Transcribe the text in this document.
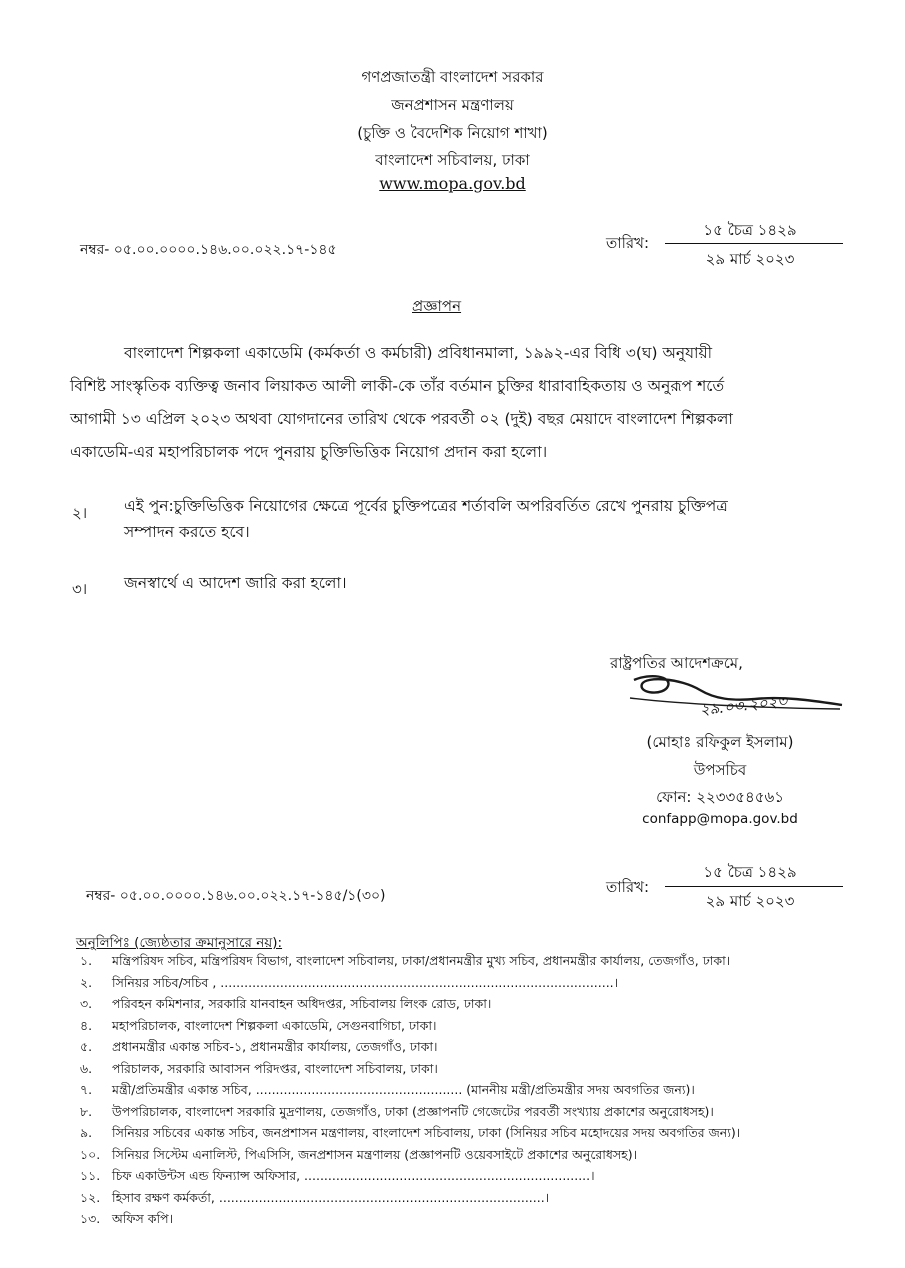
গণপ্রজাতন্ত্রী বাংলাদেশ সরকার
জনপ্রশাসন মন্ত্রণালয়
(চুক্তি ও বৈদেশিক নিয়োগ শাখা)
বাংলাদেশ সচিবালয়, ঢাকা
www.mopa.gov.bd
নম্বর- ০৫.০০.০০০০.১৪৬.০০.০২২.১৭-১৪৫	তারিখ:
১৫ চৈত্র ১৪২৯
২৯ মার্চ ২০২৩
প্রজ্ঞাপন
বাংলাদেশ শিল্পকলা একাডেমি (কর্মকর্তা ও কর্মচারী) প্রবিধানমালা, ১৯৯২-এর বিধি ৩(ঘ) অনুযায়ী
বিশিষ্ট সাংস্কৃতিক ব্যক্তিত্ব জনাব লিয়াকত আলী লাকী-কে তাঁর বর্তমান চুক্তির ধারাবাহিকতায় ও অনুরূপ শর্তে
আগামী ১৩ এপ্রিল ২০২৩ অথবা যোগদানের তারিখ থেকে পরবর্তী ০২ (দুই) বছর মেয়াদে বাংলাদেশ শিল্পকলা
একাডেমি-এর মহাপরিচালক পদে পুনরায় চুক্তিভিত্তিক নিয়োগ প্রদান করা হলো।
২। এই পুন:চুক্তিভিত্তিক নিয়োগের ক্ষেত্রে পূর্বের চুক্তিপত্রের শর্তাবলি অপরিবর্তিত রেখে পুনরায় চুক্তিপত্র
সম্পাদন করতে হবে।
৩। জনস্বার্থে এ আদেশ জারি করা হলো।
রাষ্ট্রপতির আদেশক্রমে,
২৯.০৩.২০২৩
(মোহাঃ রফিকুল ইসলাম)
উপসচিব
ফোন: ২২৩৩৫৪৫৬১
confapp@mopa.gov.bd
নম্বর- ০৫.০০.০০০০.১৪৬.০০.০২২.১৭-১৪৫/১(৩০)	তারিখ:
১৫ চৈত্র ১৪২৯
২৯ মার্চ ২০২৩
অনুলিপিঃ (জ্যেষ্ঠতার ক্রমানুসারে নয়):
১. মন্ত্রিপরিষদ সচিব, মন্ত্রিপরিষদ বিভাগ, বাংলাদেশ সচিবালয়, ঢাকা/প্রধানমন্ত্রীর মুখ্য সচিব, প্রধানমন্ত্রীর কার্যালয়, তেজগাঁও, ঢাকা।
২. সিনিয়র সচিব/সচিব , ...................................................................................................।
৩. পরিবহন কমিশনার, সরকারি যানবাহন অধিদপ্তর, সচিবালয় লিংক রোড, ঢাকা।
৪. মহাপরিচালক, বাংলাদেশ শিল্পকলা একাডেমি, সেগুনবাগিচা, ঢাকা।
৫. প্রধানমন্ত্রীর একান্ত সচিব-১, প্রধানমন্ত্রীর কার্যালয়, তেজগাঁও, ঢাকা।
৬. পরিচালক, সরকারি আবাসন পরিদপ্তর, বাংলাদেশ সচিবালয়, ঢাকা।
৭. মন্ত্রী/প্রতিমন্ত্রীর একান্ত সচিব, .................................................... (মাননীয় মন্ত্রী/প্রতিমন্ত্রীর সদয় অবগতির জন্য)।
৮. উপপরিচালক, বাংলাদেশ সরকারি মুদ্রণালয়, তেজগাঁও, ঢাকা (প্রজ্ঞাপনটি গেজেটের পরবর্তী সংখ্যায় প্রকাশের অনুরোধসহ)।
৯. সিনিয়র সচিবের একান্ত সচিব, জনপ্রশাসন মন্ত্রণালয়, বাংলাদেশ সচিবালয়, ঢাকা (সিনিয়র সচিব মহোদয়ের সদয় অবগতির জন্য)।
১০. সিনিয়র সিস্টেম এনালিস্ট, পিএসিসি, জনপ্রশাসন মন্ত্রণালয় (প্রজ্ঞাপনটি ওয়েবসাইটে প্রকাশের অনুরোধসহ)।
১১. চিফ একাউন্টস এন্ড ফিন্যান্স অফিসার, ........................................................................।
১২. হিসাব রক্ষণ কর্মকর্তা, ..................................................................................।
১৩. অফিস কপি।
